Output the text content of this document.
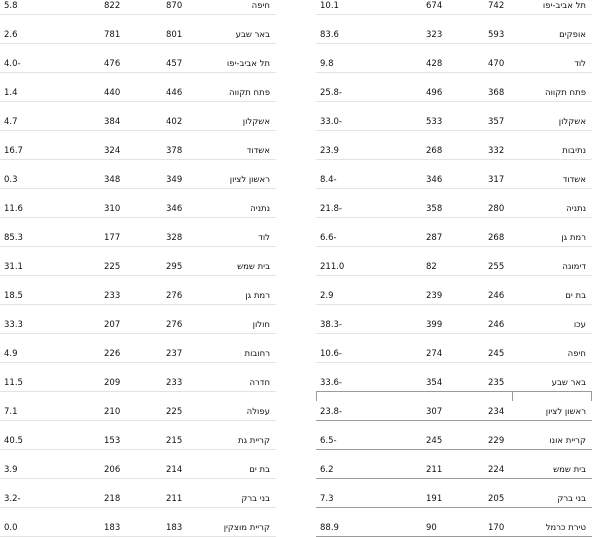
חיפה
870
822
5.8
באר שבע
801
781
2.6
תל אביב-יפו
457
476
4.0-
פתח תקווה
446
440
1.4
אשקלון
402
384
4.7
אשדוד
378
324
16.7
ראשון לציון
349
348
0.3
נתניה
346
310
11.6
לוד
328
177
85.3
בית שמש
295
225
31.1
רמת גן
276
233
18.5
חולון
276
207
33.3
רחובות
237
226
4.9
חדרה
233
209
11.5
עפולה
225
210
7.1
קריית גת
215
153
40.5
בת ים
214
206
3.9
בני ברק
211
218
3.2-
קריית מוצקין
183
183
0.0
תל אביב-יפו
742
674
10.1
אופקים
593
323
83.6
לוד
470
428
9.8
פתח תקווה
368
496
25.8-
אשקלון
357
533
33.0-
נתיבות
332
268
23.9
אשדוד
317
346
8.4-
נתניה
280
358
21.8-
רמת גן
268
287
6.6-
דימונה
255
82
211.0
בת ים
246
239
2.9
עכו
246
399
38.3-
חיפה
245
274
10.6-
באר שבע
235
354
33.6-
ראשון לציון
234
307
23.8-
קריית אונו
229
245
6.5-
בית שמש
224
211
6.2
בני ברק
205
191
7.3
טירת כרמל
170
90
88.9
